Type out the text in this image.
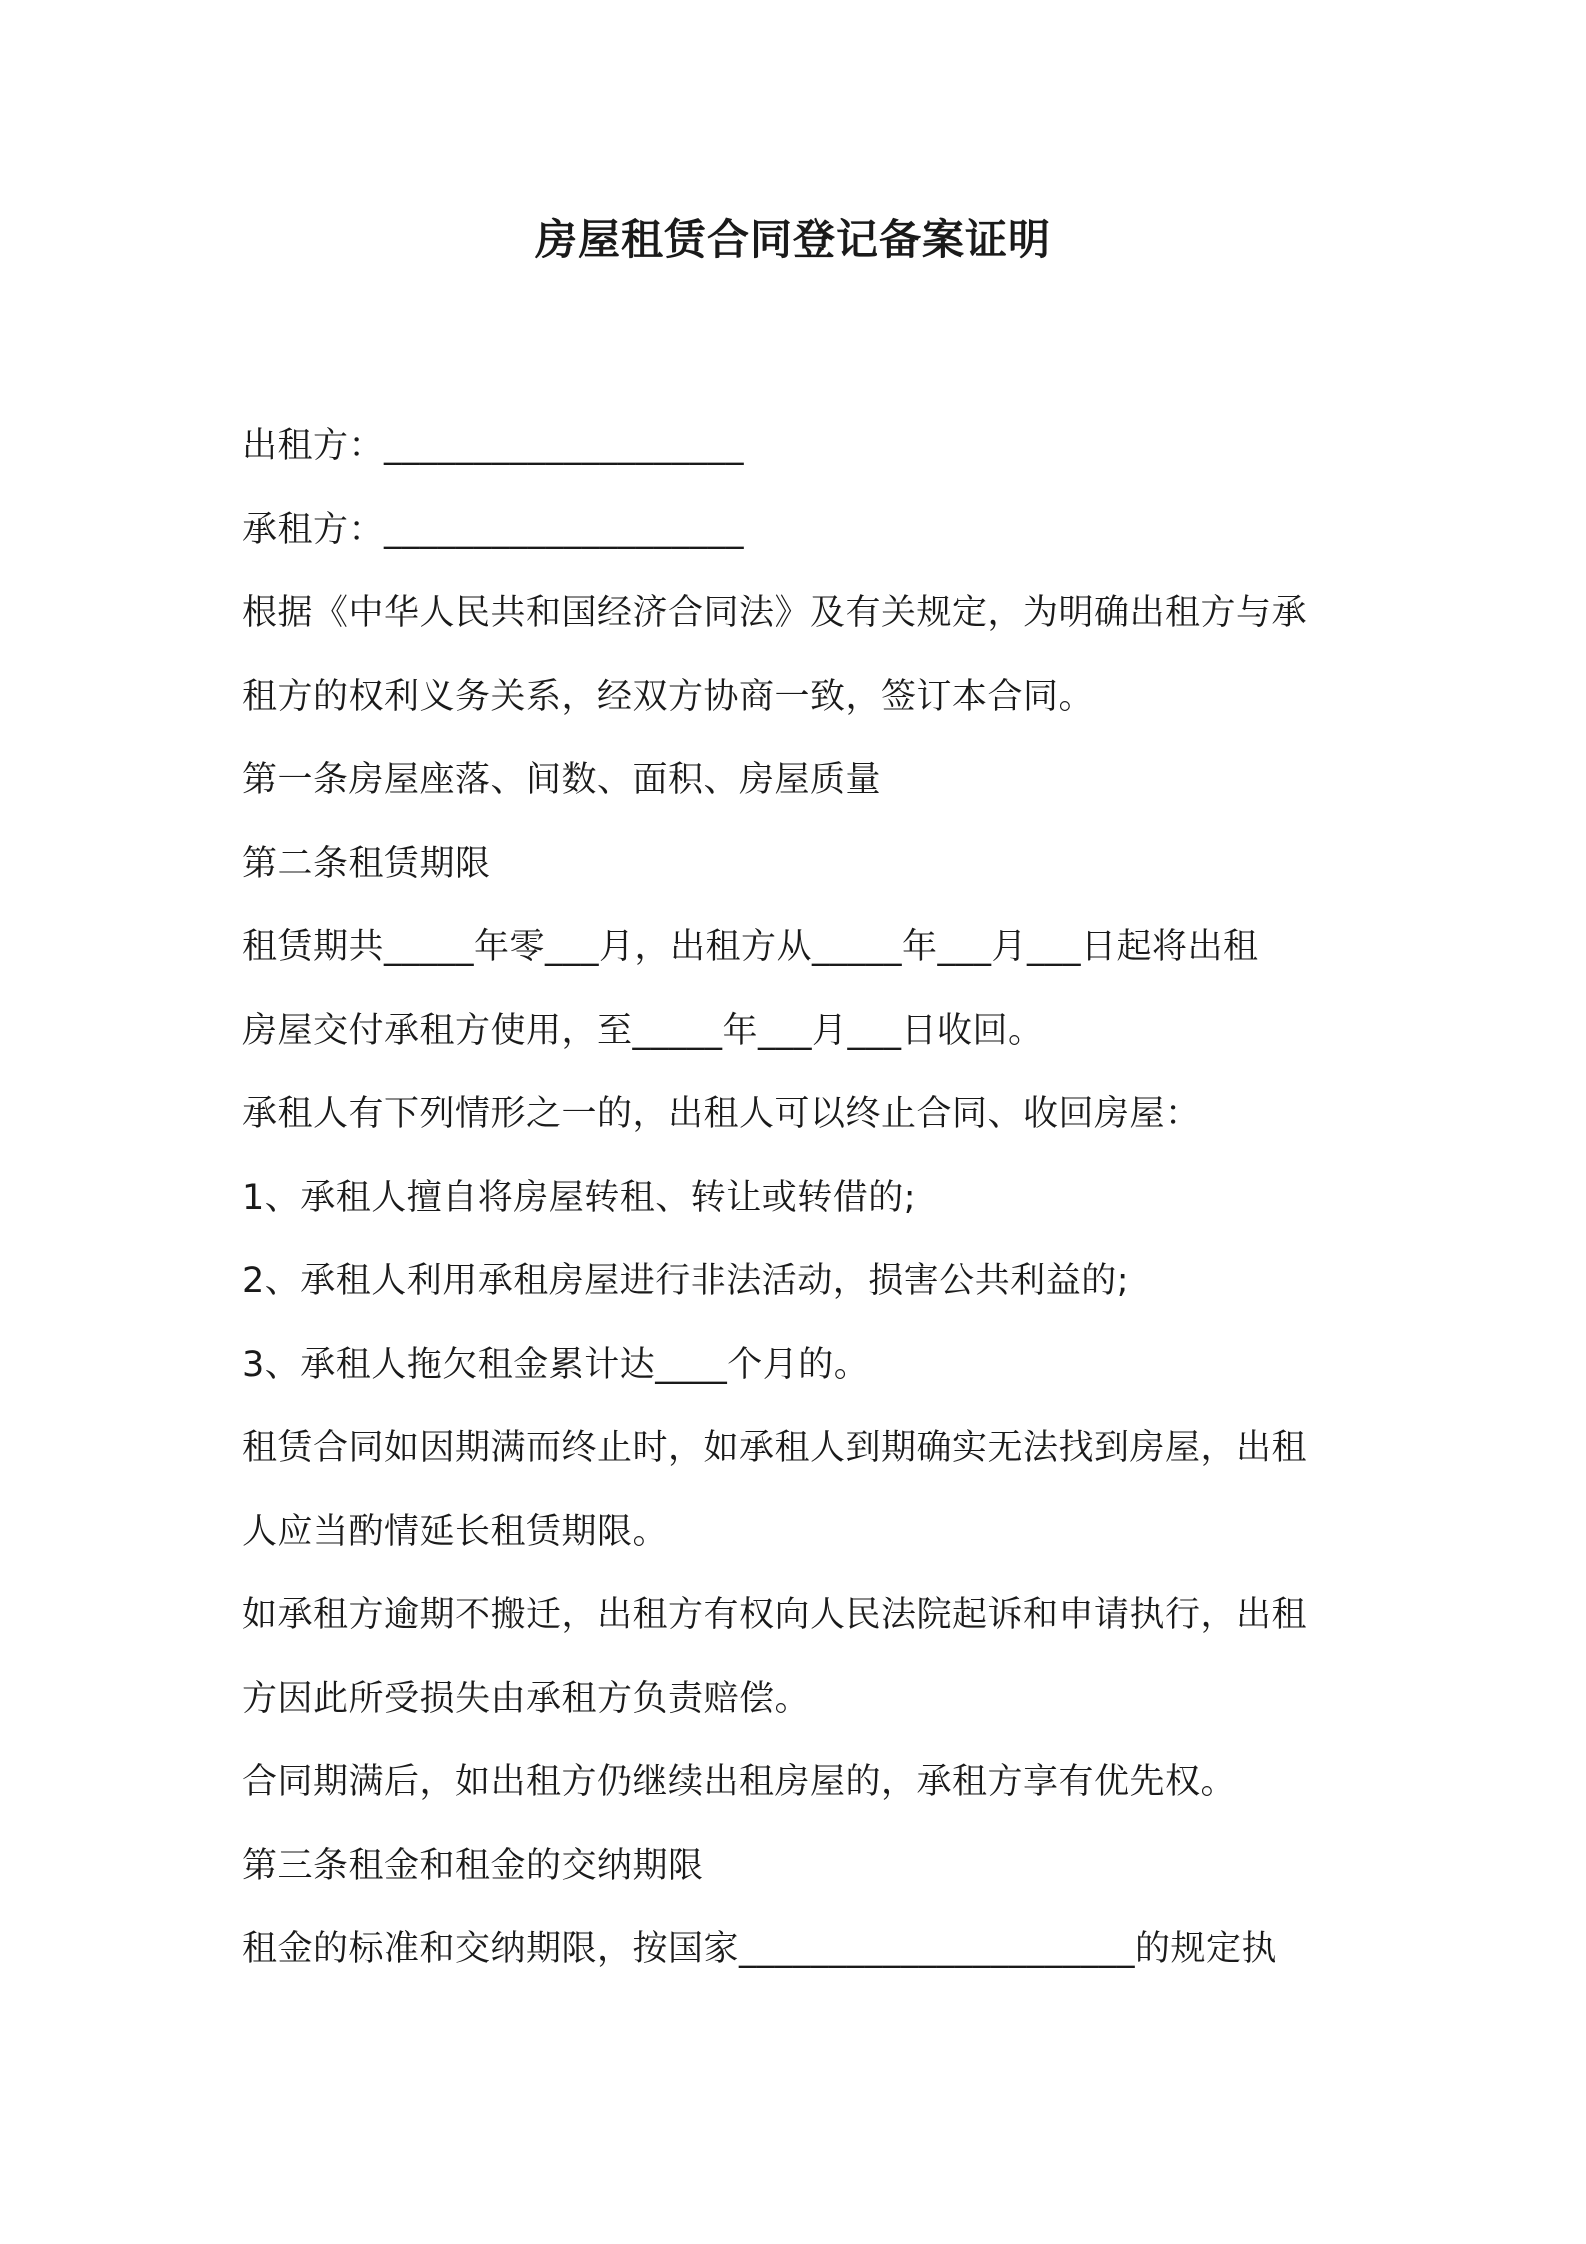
房屋租赁合同登记备案证明

出租方：____________________

承租方：____________________

根据《中华人民共和国经济合同法》及有关规定，为明确出租方与承

租方的权利义务关系，经双方协商一致，签订本合同。

第一条房屋座落、间数、面积、房屋质量

第二条租赁期限

租赁期共_____年零___月，出租方从_____年___月___日起将出租

房屋交付承租方使用，至_____年___月___日收回。

承租人有下列情形之一的，出租人可以终止合同、收回房屋：

1、承租人擅自将房屋转租、转让或转借的;

2、承租人利用承租房屋进行非法活动，损害公共利益的;

3、承租人拖欠租金累计达____个月的。

租赁合同如因期满而终止时，如承租人到期确实无法找到房屋，出租

人应当酌情延长租赁期限。

如承租方逾期不搬迁，出租方有权向人民法院起诉和申请执行，出租

方因此所受损失由承租方负责赔偿。

合同期满后，如出租方仍继续出租房屋的，承租方享有优先权。

第三条租金和租金的交纳期限

租金的标准和交纳期限，按国家______________________的规定执
